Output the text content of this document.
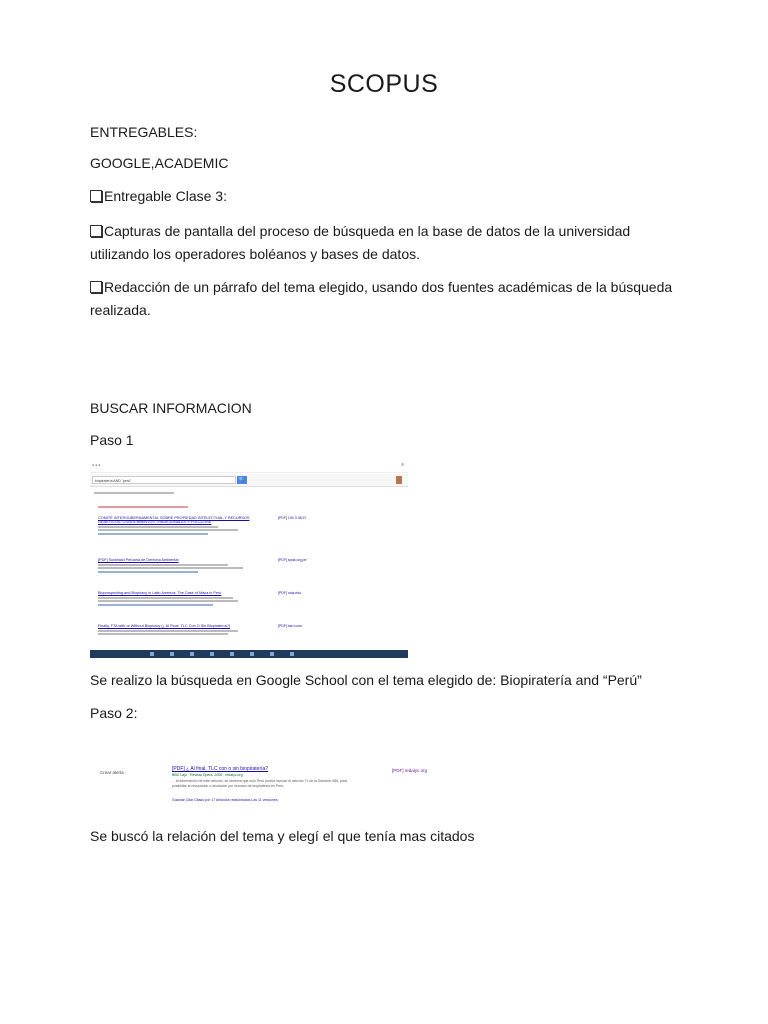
SCOPUS
ENTREGABLES:
GOOGLE,ACADEMIC
Entregable Clase 3:
Capturas de pantalla del proceso de búsqueda en la base de datos de la universidad utilizando los operadores boléanos y bases de datos.
Redacción de un párrafo del tema elegido, usando dos fuentes académicas de la búsqueda realizada.
BUSCAR INFORMACION
Paso 1
● ● ●	☰
biopiratería AND "perú"	🔍
COMITÉ INTERGUBERNAMENTAL SOBRE PROPIEDAD INTELECTUAL Y RECURSOS GENÉTICOS, CONOCIMIENTOS TRADICIONALES Y FOLCLORE
[PDF] 190.3.38.97
[PDF] Sociedad Peruana de Derecho Ambiental	[PDF] spda.org.pe
Bioprospecting and Biopiracy in Latin America: The Case of Maca in Perú	[PDF] ucla.edu
Finally, FTA with or Without Biopiracy (¿ Al Final, TLC Con O Sin Biopiratería?)	[PDF] ssrn.com
Se realizo la búsqueda en Google School con el tema elegido de: Biopiratería and “Perú”
Paso 2:
Crear alerta
[PDF] ¿ Al final, TLC con o sin biopiratería?	[PDF] redalyc.org
BBO Lajo · Revista Ópera, 2006 · redalyc.org
... la información de este artículo, se observa que solo Perú podría invocar el artículo 71 de la Decisión 486, para posibilitar la revocación o anulación por razones de biopiratería en Perú.
Guardar Citar Citado por 17 Artículos relacionados Las 11 versiones
Se buscó la relación del tema y elegí el que tenía mas citados
